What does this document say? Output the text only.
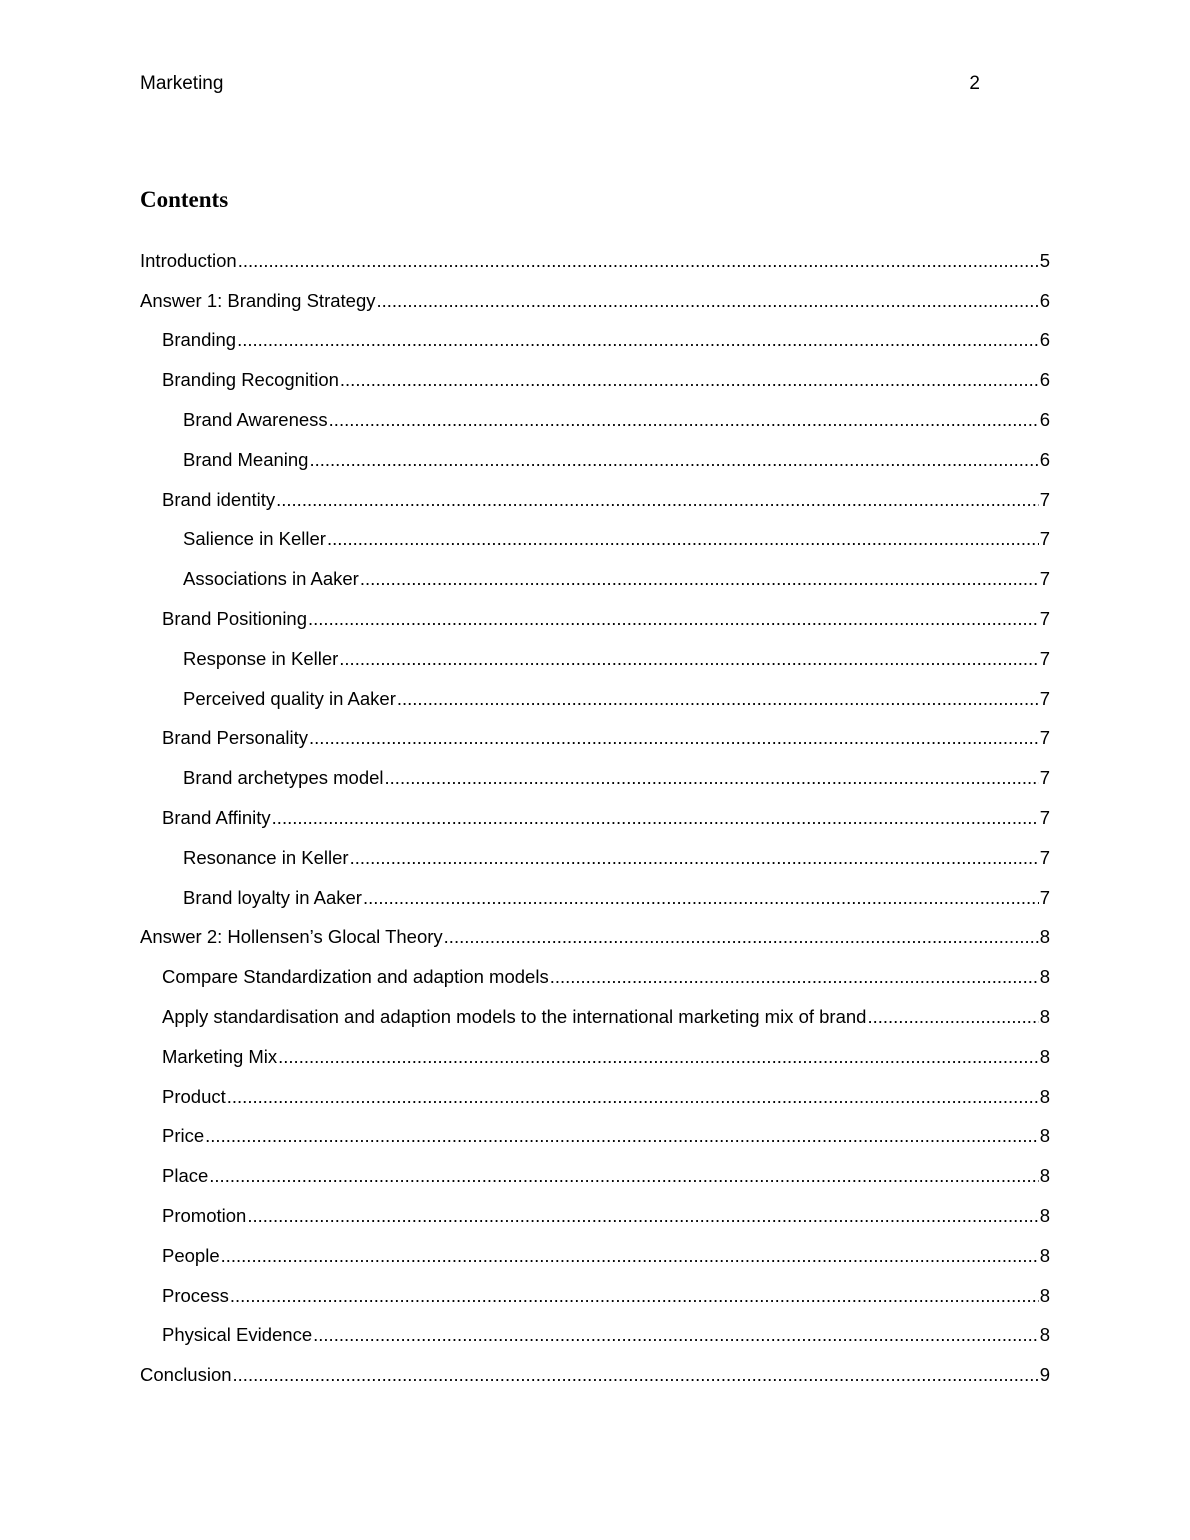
Marketing	2
Contents
Introduction .....	5
Answer 1: Branding Strategy .....	6
Branding .....	6
Branding Recognition .....	6
Brand Awareness .....	6
Brand Meaning .....	6
Brand identity .....	7
Salience in Keller .....	7
Associations in Aaker .....	7
Brand Positioning .....	7
Response in Keller .....	7
Perceived quality in Aaker .....	7
Brand Personality .....	7
Brand archetypes model .....	7
Brand Affinity .....	7
Resonance in Keller .....	7
Brand loyalty in Aaker .....	7
Answer 2: Hollensen’s Glocal Theory .....	8
Compare Standardization and adaption models .....	8
Apply standardisation and adaption models to the international marketing mix of brand .....	8
Marketing Mix .....	8
Product .....	8
Price .....	8
Place .....	8
Promotion .....	8
People .....	8
Process .....	8
Physical Evidence .....	8
Conclusion .....	9
